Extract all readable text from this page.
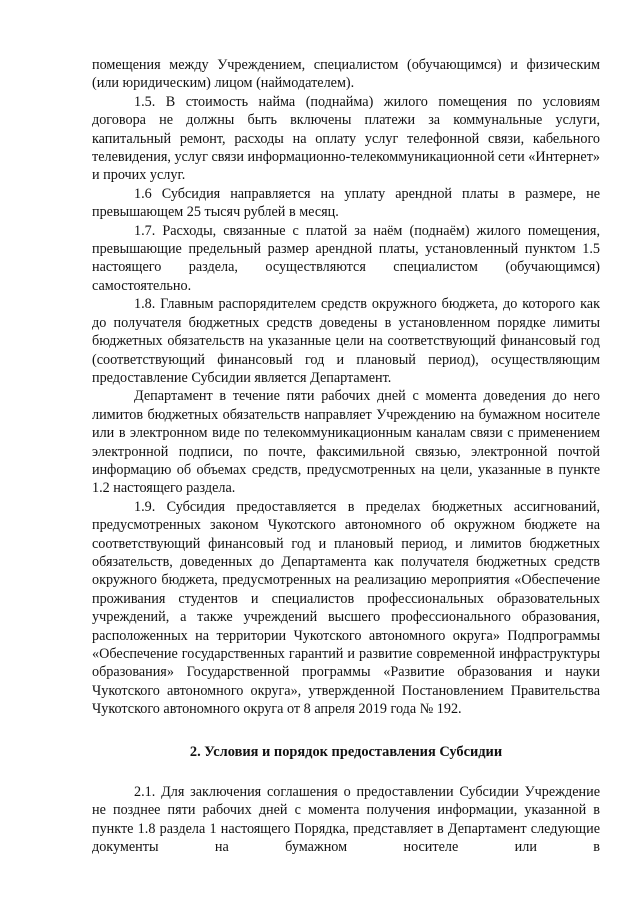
помещения между Учреждением, специалистом (обучающимся) и физическим (или юридическим) лицом (наймодателем).

1.5. В стоимость найма (поднайма) жилого помещения по условиям договора не должны быть включены платежи за коммунальные услуги, капитальный ремонт, расходы на оплату услуг телефонной связи, кабельного телевидения, услуг связи информационно-телекоммуникационной сети «Интернет» и прочих услуг.

1.6 Субсидия направляется на уплату арендной платы в размере, не превышающем 25 тысяч рублей в месяц.

1.7. Расходы, связанные с платой за наём (поднаём) жилого помещения, превышающие предельный размер арендной платы, установленный пунктом 1.5 настоящего раздела, осуществляются специалистом (обучающимся) самостоятельно.

1.8. Главным распорядителем средств окружного бюджета, до которого как до получателя бюджетных средств доведены в установленном порядке лимиты бюджетных обязательств на указанные цели на соответствующий финансовый год (соответствующий финансовый год и плановый период), осуществляющим предоставление Субсидии является Департамент.

Департамент в течение пяти рабочих дней с момента доведения до него лимитов бюджетных обязательств направляет Учреждению на бумажном носителе или в электронном виде по телекоммуникационным каналам связи с применением электронной подписи, по почте, факсимильной связью, электронной почтой информацию об объемах средств, предусмотренных на цели, указанные в пункте 1.2 настоящего раздела.

1.9. Субсидия предоставляется в пределах бюджетных ассигнований, предусмотренных законом Чукотского автономного об окружном бюджете на соответствующий финансовый год и плановый период, и лимитов бюджетных обязательств, доведенных до Департамента как получателя бюджетных средств окружного бюджета, предусмотренных на реализацию мероприятия «Обеспечение проживания студентов и специалистов профессиональных образовательных учреждений, а также учреждений высшего профессионального образования, расположенных на территории Чукотского автономного округа» Подпрограммы «Обеспечение государственных гарантий и развитие современной инфраструктуры образования» Государственной программы «Развитие образования и науки Чукотского автономного округа», утвержденной Постановлением Правительства Чукотского автономного округа от 8 апреля 2019 года № 192.

2. Условия и порядок предоставления Субсидии

2.1. Для заключения соглашения о предоставлении Субсидии Учреждение не позднее пяти рабочих дней с момента получения информации, указанной в пункте 1.8 раздела 1 настоящего Порядка, представляет в Департамент следующие документы на бумажном носителе или в
